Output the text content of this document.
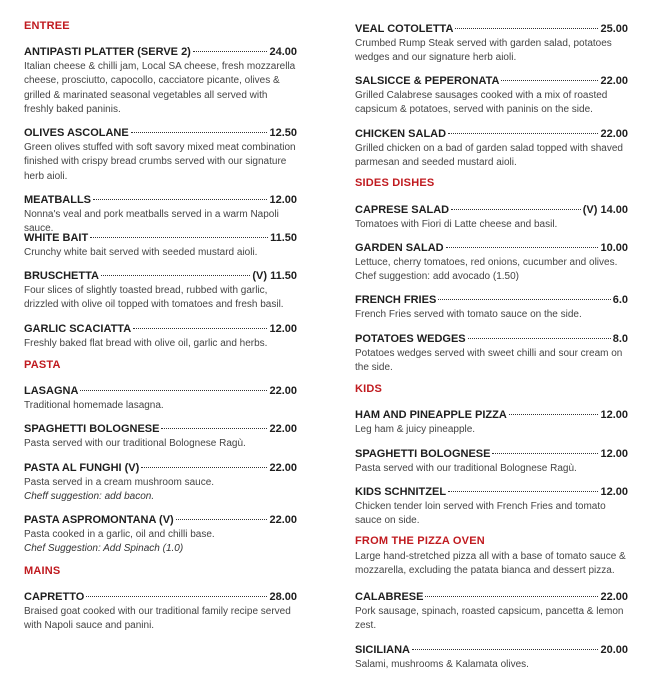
ENTREE
ANTIPASTI PLATTER (SERVE 2)	24.00
Italian cheese & chilli jam, Local SA cheese, fresh mozzarella cheese, prosciutto, capocollo, cacciatore picante, olives & grilled & marinated seasonal vegetables all served with freshly baked paninis.
OLIVES ASCOLANE	12.50
Green olives stuffed with soft savory mixed meat combination finished with crispy bread crumbs served with our signature herb aioli.
MEATBALLS	12.00
Nonna's veal and pork meatballs served in a warm Napoli sauce.
WHITE BAIT	11.50
Crunchy white bait served with seeded mustard aioli.
BRUSCHETTA	(V) 11.50
Four slices of slightly toasted bread, rubbed with garlic, drizzled with olive oil topped with tomatoes and fresh basil.
GARLIC SCACIATTA	12.00
Freshly baked flat bread with olive oil, garlic and herbs.
PASTA
LASAGNA	22.00
Traditional homemade lasagna.
SPAGHETTI BOLOGNESE	22.00
Pasta served with our traditional Bolognese Ragù.
PASTA AL FUNGHI (V)	22.00
Pasta served in a cream mushroom sauce.
Cheff suggestion: add bacon.
PASTA ASPROMONTANA (V)	22.00
Pasta cooked in a garlic, oil and chilli base.
Chef Suggestion: Add Spinach (1.0)
MAINS
CAPRETTO	28.00
Braised goat cooked with our traditional family recipe served with Napoli sauce and panini.
VEAL COTOLETTA	25.00
Crumbed Rump Steak served with garden salad, potatoes wedges and our signature herb aioli.
SALSICCE & PEPERONATA	22.00
Grilled Calabrese sausages cooked with a mix of roasted capsicum & potatoes, served with paninis on the side.
CHICKEN SALAD	22.00
Grilled chicken on a bad of garden salad topped with shaved parmesan and seeded mustard aioli.
SIDES DISHES
CAPRESE SALAD	(V) 14.00
Tomatoes with Fiori di Latte cheese and basil.
GARDEN SALAD	10.00
Lettuce, cherry tomatoes, red onions, cucumber and olives. Chef suggestion: add avocado (1.50)
FRENCH FRIES	6.0
French Fries served with tomato sauce on the side.
POTATOES WEDGES	8.0
Potatoes wedges served with sweet chilli and sour cream on the side.
KIDS
HAM AND PINEAPPLE PIZZA	12.00
Leg ham & juicy pineapple.
SPAGHETTI BOLOGNESE	12.00
Pasta served with our traditional Bolognese Ragù.
KIDS SCHNITZEL	12.00
Chicken tender loin served with French Fries and tomato sauce on side.
FROM THE PIZZA OVEN
Large hand-stretched pizza all with a base of tomato sauce & mozzarella, excluding the patata bianca and dessert pizza.
CALABRESE	22.00
Pork sausage, spinach, roasted capsicum, pancetta & lemon zest.
SICILIANA	20.00
Salami, mushrooms & Kalamata olives.
